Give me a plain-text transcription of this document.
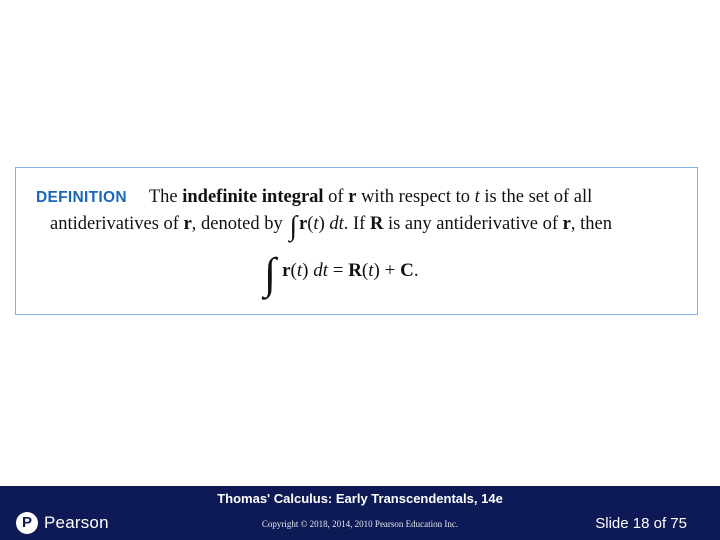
DEFINITION The indefinite integral of r with respect to t is the set of all
antiderivatives of r, denoted by ∫ r(t) dt. If R is any antiderivative of r, then
∫ r(t) dt = R(t) + C.
P Pearson
Thomas' Calculus: Early Transcendentals, 14e
Copyright © 2018, 2014, 2010 Pearson Education Inc.	Slide 18 of 75
